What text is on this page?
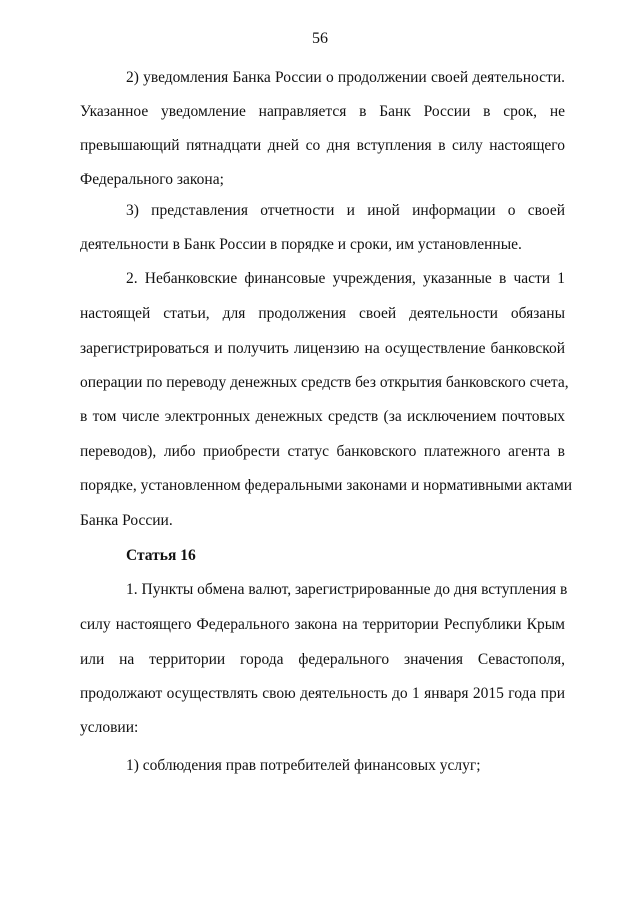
56
2) уведомления Банка России о продолжении своей деятельности.
Указанное уведомление направляется в Банк России в срок, не
превышающий пятнадцати дней со дня вступления в силу настоящего
Федерального закона;
3) представления отчетности и иной информации о своей
деятельности в Банк России в порядке и сроки, им установленные.
2. Небанковские финансовые учреждения, указанные в части 1
настоящей статьи, для продолжения своей деятельности обязаны
зарегистрироваться и получить лицензию на осуществление банковской
операции по переводу денежных средств без открытия банковского счета,
в том числе электронных денежных средств (за исключением почтовых
переводов), либо приобрести статус банковского платежного агента в
порядке, установленном федеральными законами и нормативными актами
Банка России.
Статья 16
1. Пункты обмена валют, зарегистрированные до дня вступления в
силу настоящего Федерального закона на территории Республики Крым
или на территории города федерального значения Севастополя,
продолжают осуществлять свою деятельность до 1 января 2015 года при
условии:
1) соблюдения прав потребителей финансовых услуг;
